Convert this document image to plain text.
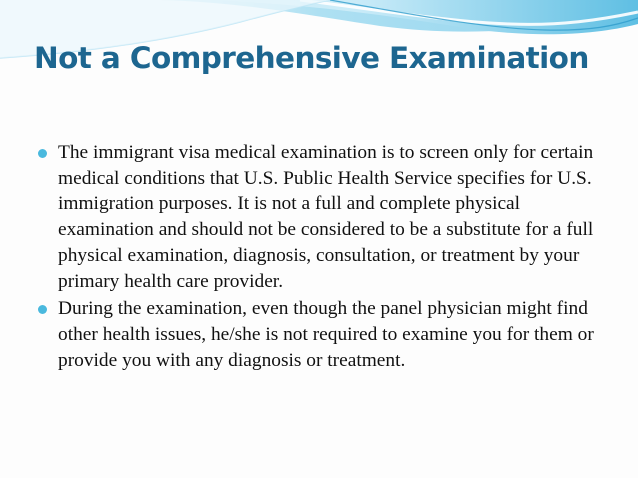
Not a Comprehensive Examination
The immigrant visa medical examination is to screen only for certain medical conditions that U.S. Public Health Service specifies for U.S. immigration purposes. It is not a full and complete physical examination and should not be considered to be a substitute for a full physical examination, diagnosis, consultation, or treatment by your primary health care provider.
During the examination, even though the panel physician might find other health issues, he/she is not required to examine you for them or provide you with any diagnosis or treatment.
